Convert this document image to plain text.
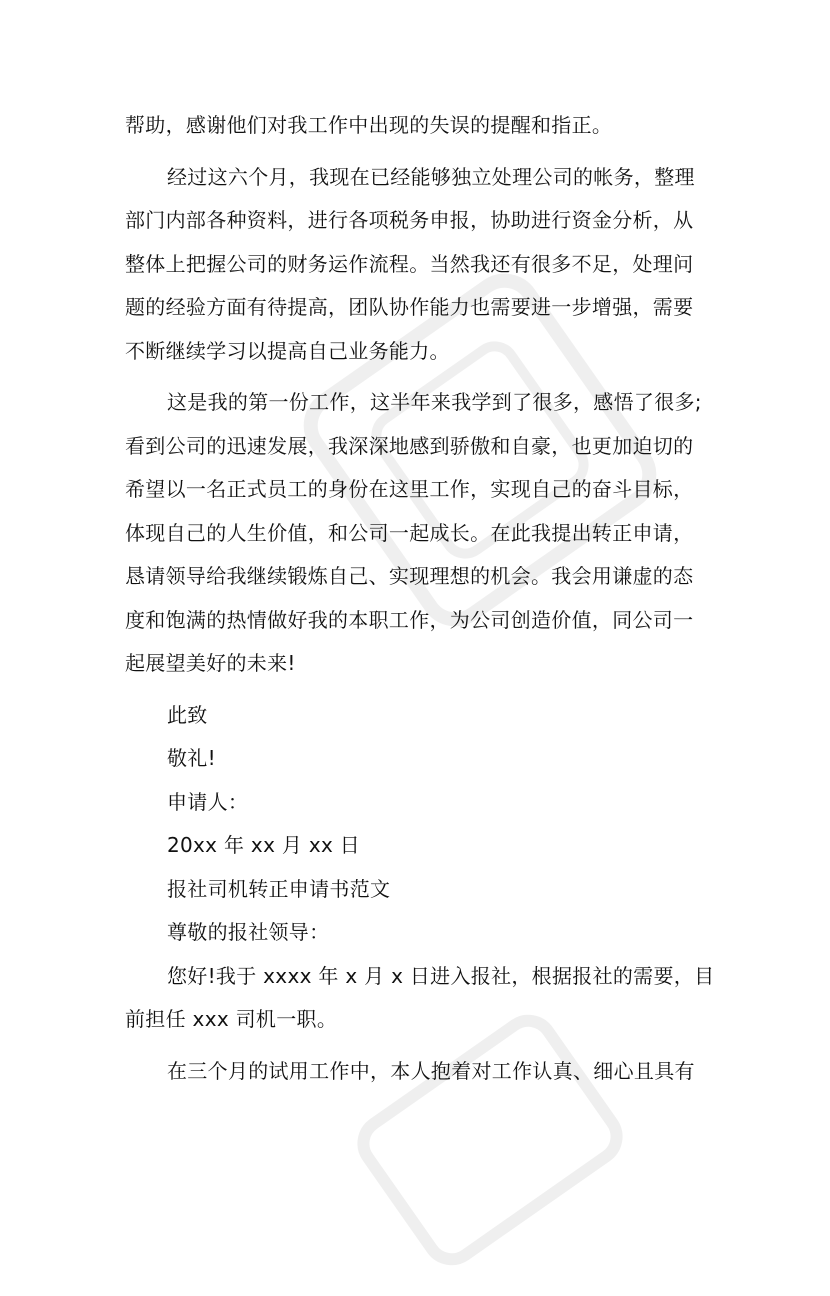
帮助，感谢他们对我工作中出现的失误的提醒和指正。

经过这六个月，我现在已经能够独立处理公司的帐务，整理
部门内部各种资料，进行各项税务申报，协助进行资金分析，从
整体上把握公司的财务运作流程。当然我还有很多不足，处理问
题的经验方面有待提高，团队协作能力也需要进一步增强，需要
不断继续学习以提高自己业务能力。

这是我的第一份工作，这半年来我学到了很多，感悟了很多;
看到公司的迅速发展，我深深地感到骄傲和自豪，也更加迫切的
希望以一名正式员工的身份在这里工作，实现自己的奋斗目标，
体现自己的人生价值，和公司一起成长。在此我提出转正申请，
恳请领导给我继续锻炼自己、实现理想的机会。我会用谦虚的态
度和饱满的热情做好我的本职工作，为公司创造价值，同公司一
起展望美好的未来!

此致

敬礼!

申请人：

20xx 年 xx 月 xx 日

报社司机转正申请书范文

尊敬的报社领导：

您好!我于 xxxx 年 x 月 x 日进入报社，根据报社的需要，目
前担任 xxx 司机一职。

在三个月的试用工作中，本人抱着对工作认真、细心且具有
